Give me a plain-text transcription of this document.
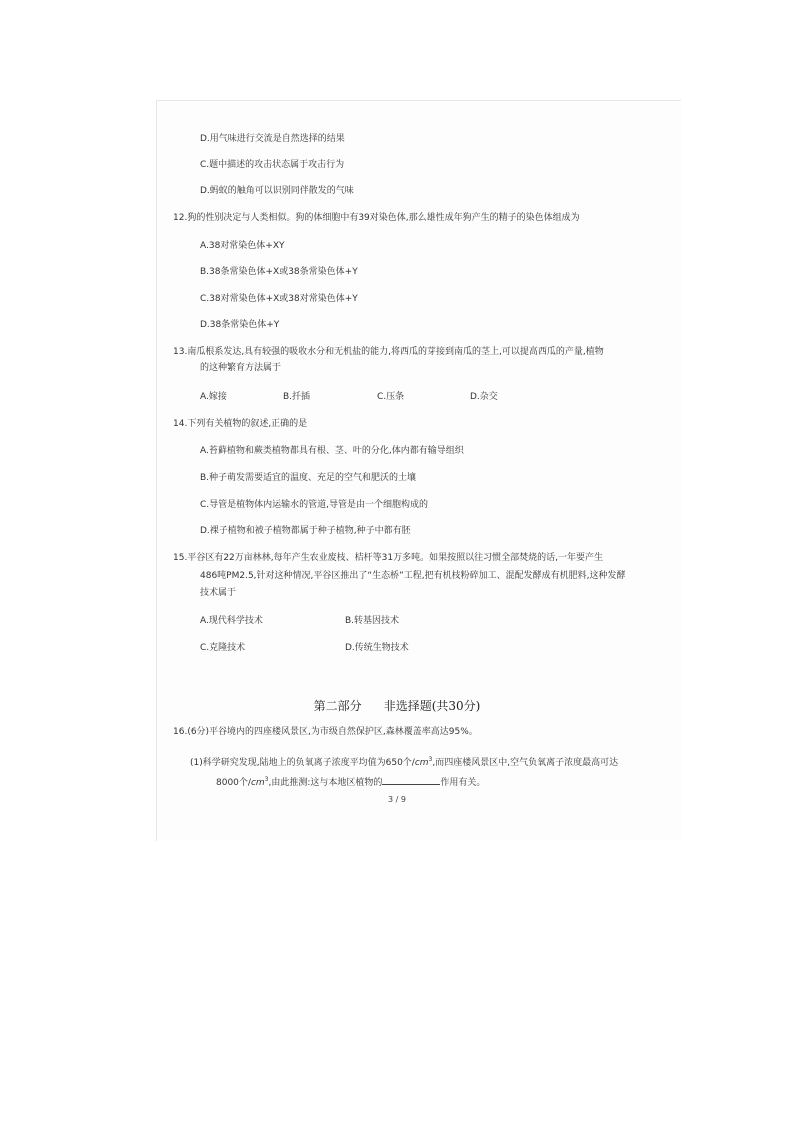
D.用气味进行交流是自然选择的结果
C.题中描述的攻击状态属于攻击行为
D.蚂蚁的触角可以识别同伴散发的气味
12.狗的性别决定与人类相似。狗的体细胞中有39对染色体,那么雄性成年狗产生的精子的染色体组成为
A.38对常染色体+XY
B.38条常染色体+X或38条常染色体+Y
C.38对常染色体+X或38对常染色体+Y
D.38条常染色体+Y
13.南瓜根系发达,具有较强的吸收水分和无机盐的能力,将西瓜的芽接到南瓜的茎上,可以提高西瓜的产量,植物
的这种繁育方法属于
A.嫁接	B.扦插	C.压条	D.杂交
14.下列有关植物的叙述,正确的是
A.苔藓植物和蕨类植物都具有根、茎、叶的分化,体内都有输导组织
B.种子萌发需要适宜的温度、充足的空气和肥沃的土壤
C.导管是植物体内运输水的管道,导管是由一个细胞构成的
D.裸子植物和被子植物都属于种子植物,种子中都有胚
15.平谷区有22万亩林林,每年产生农业废枝、桔杆等31万多吨。如果按照以往习惯全部焚烧的话,一年要产生
486吨PM2.5,针对这种情况,平谷区推出了“生态桥”工程,把有机枝粉碎加工、混配发酵成有机肥料,这种发酵
技术属于
A.现代科学技术	B.转基因技术
C.克隆技术	D.传统生物技术
第二部分 非选择题(共30分)
16.(6分)平谷境内的四座楼风景区,为市级自然保护区,森林覆盖率高达95%。
(1)科学研究发现,陆地上的负氧离子浓度平均值为650个$/cm^3$,而四座楼风景区中,空气负氧离子浓度最高可达
8000个$/cm^3$,由此推测:这与本地区植物的	作用有关。
3 / 9
